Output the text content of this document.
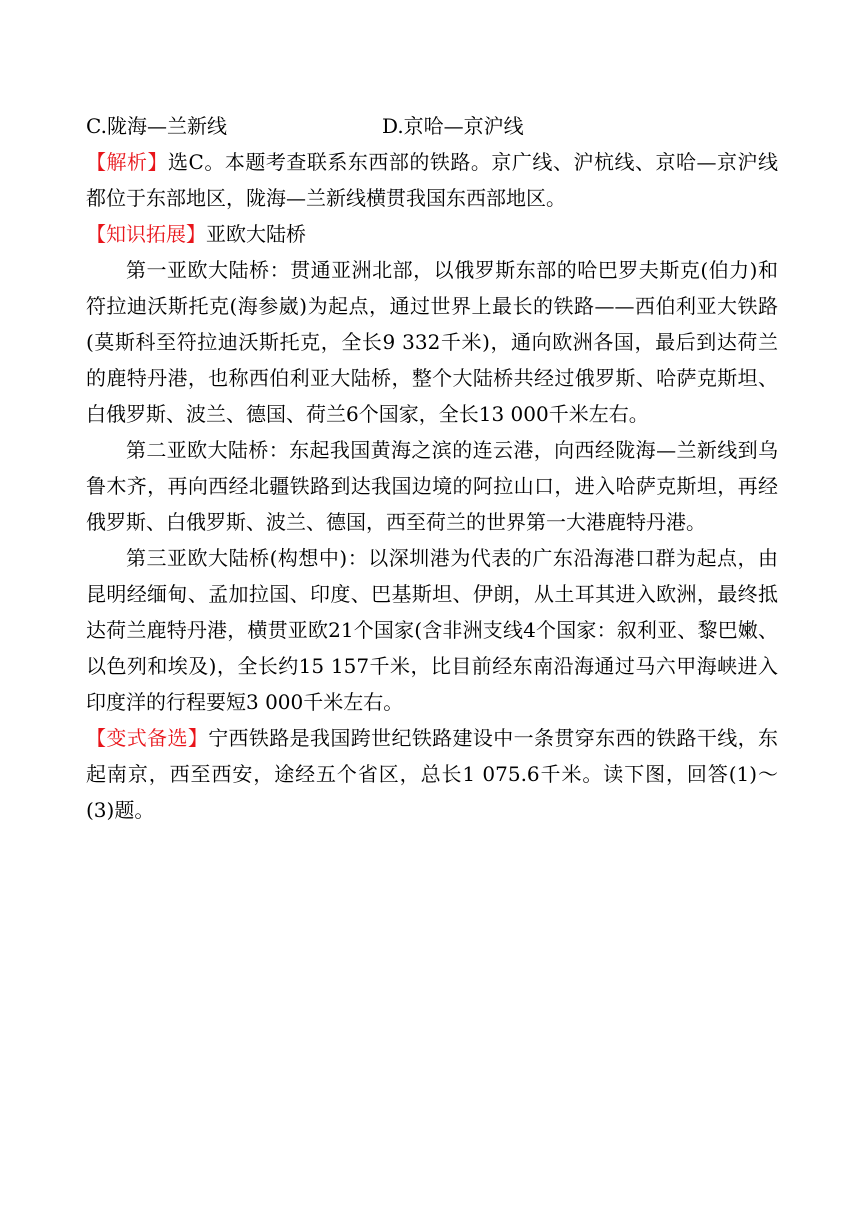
C.陇海—兰新线	D.京哈—京沪线

【解析】选C。本题考查联系东西部的铁路。京广线、沪杭线、京哈—京沪线都位于东部地区，陇海—兰新线横贯我国东西部地区。

【知识拓展】亚欧大陆桥

第一亚欧大陆桥：贯通亚洲北部，以俄罗斯东部的哈巴罗夫斯克(伯力)和符拉迪沃斯托克(海参崴)为起点，通过世界上最长的铁路——西伯利亚大铁路(莫斯科至符拉迪沃斯托克，全长9 332千米)，通向欧洲各国，最后到达荷兰的鹿特丹港，也称西伯利亚大陆桥，整个大陆桥共经过俄罗斯、哈萨克斯坦、白俄罗斯、波兰、德国、荷兰6个国家，全长13 000千米左右。

第二亚欧大陆桥：东起我国黄海之滨的连云港，向西经陇海—兰新线到乌鲁木齐，再向西经北疆铁路到达我国边境的阿拉山口，进入哈萨克斯坦，再经俄罗斯、白俄罗斯、波兰、德国，西至荷兰的世界第一大港鹿特丹港。

第三亚欧大陆桥(构想中)：以深圳港为代表的广东沿海港口群为起点，由昆明经缅甸、孟加拉国、印度、巴基斯坦、伊朗，从土耳其进入欧洲，最终抵达荷兰鹿特丹港，横贯亚欧21个国家(含非洲支线4个国家：叙利亚、黎巴嫩、以色列和埃及)，全长约15 157千米，比目前经东南沿海通过马六甲海峡进入印度洋的行程要短3 000千米左右。

【变式备选】宁西铁路是我国跨世纪铁路建设中一条贯穿东西的铁路干线，东起南京，西至西安，途经五个省区，总长1 075.6千米。读下图，回答(1)～(3)题。
